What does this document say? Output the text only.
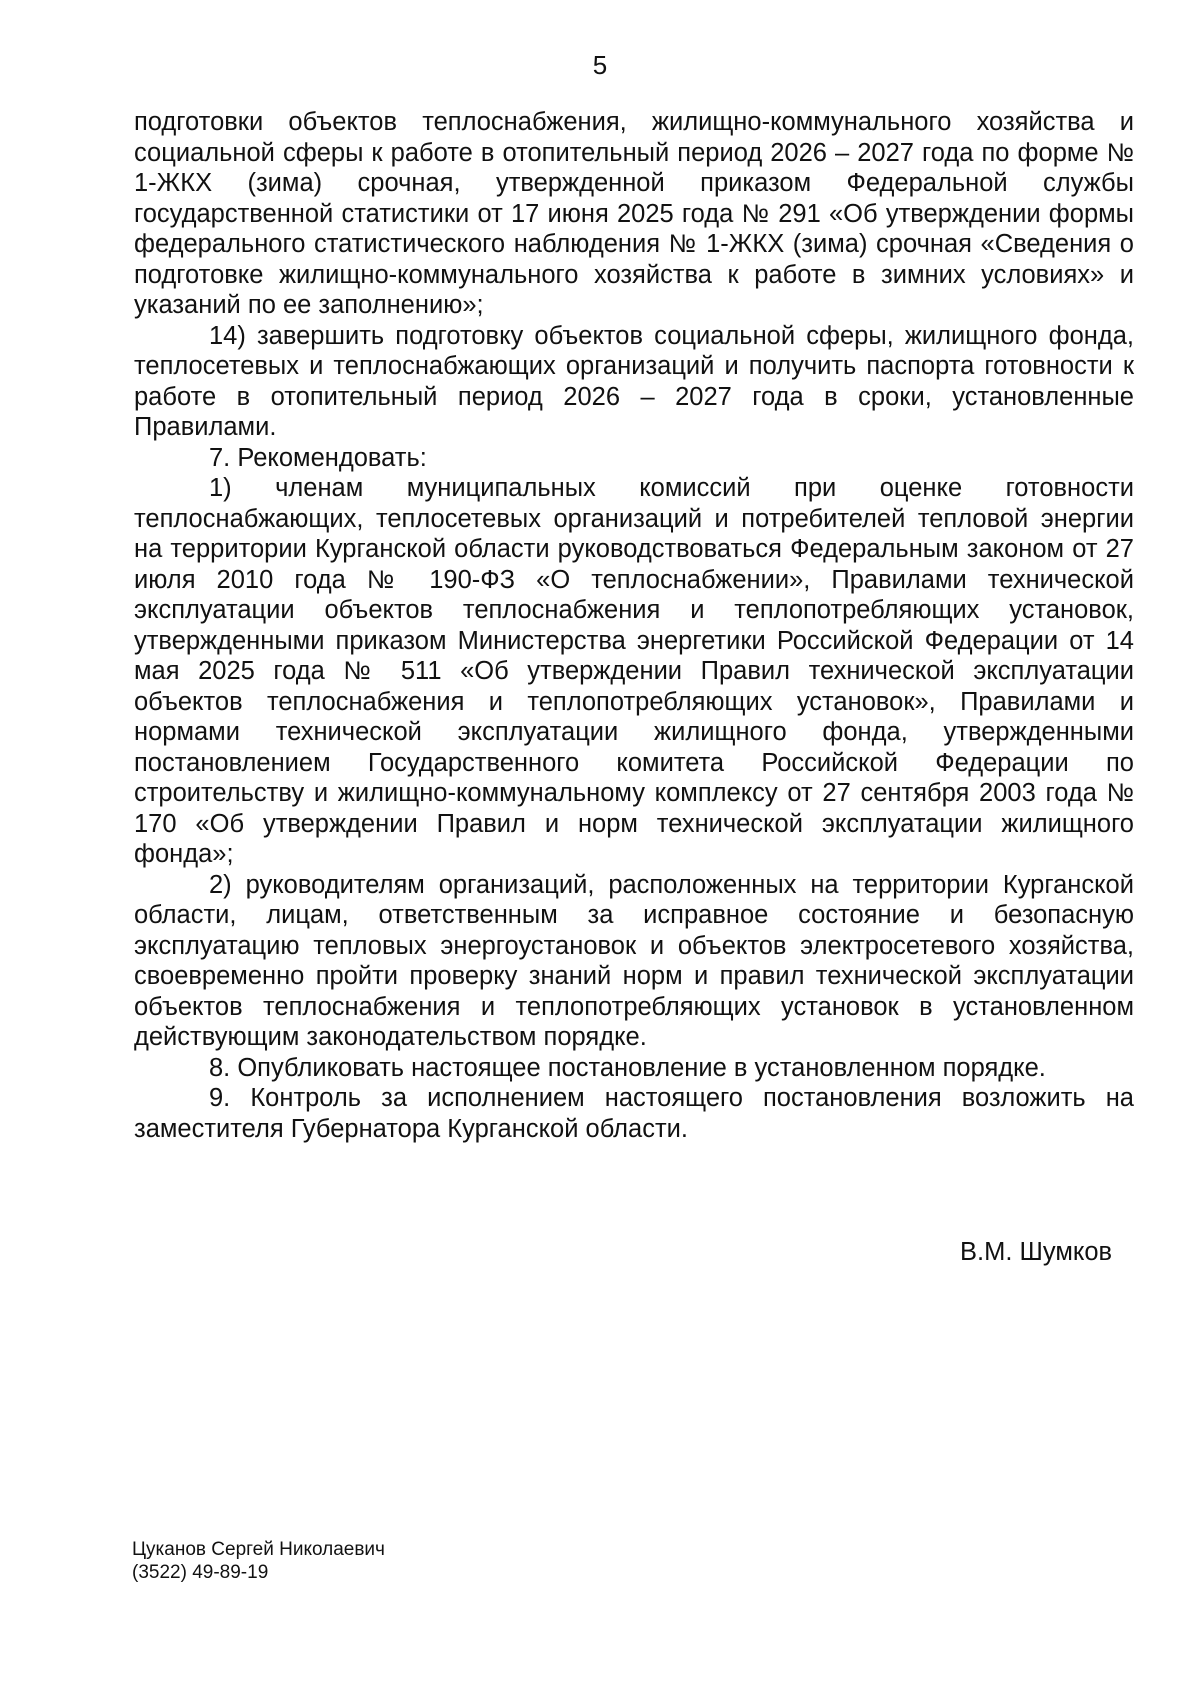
5

подготовки объектов теплоснабжения, жилищно-коммунального хозяйства и социальной сферы к работе в отопительный период 2026 – 2027 года по форме № 1-ЖКХ (зима) срочная, утвержденной приказом Федеральной службы государственной статистики от 17 июня 2025 года № 291 «Об утверждении формы федерального статистического наблюдения № 1-ЖКХ (зима) срочная «Сведения о подготовке жилищно-коммунального хозяйства к работе в зимних условиях» и указаний по ее заполнению»;

14) завершить подготовку объектов социальной сферы, жилищного фонда, теплосетевых и теплоснабжающих организаций и получить паспорта готовности к работе в отопительный период 2026 – 2027 года в сроки, установленные Правилами.

7. Рекомендовать:

1) членам муниципальных комиссий при оценке готовности теплоснабжающих, теплосетевых организаций и потребителей тепловой энергии на территории Курганской области руководствоваться Федеральным законом от 27 июля 2010 года № 190-ФЗ «О теплоснабжении», Правилами технической эксплуатации объектов теплоснабжения и теплопотребляющих установок, утвержденными приказом Министерства энергетики Российской Федерации от 14 мая 2025 года № 511 «Об утверждении Правил технической эксплуатации объектов теплоснабжения и теплопотребляющих установок», Правилами и нормами технической эксплуатации жилищного фонда, утвержденными постановлением Государственного комитета Российской Федерации по строительству и жилищно-коммунальному комплексу от 27 сентября 2003 года № 170 «Об утверждении Правил и норм технической эксплуатации жилищного фонда»;

2) руководителям организаций, расположенных на территории Курганской области, лицам, ответственным за исправное состояние и безопасную эксплуатацию тепловых энергоустановок и объектов электросетевого хозяйства, своевременно пройти проверку знаний норм и правил технической эксплуатации объектов теплоснабжения и теплопотребляющих установок в установленном действующим законодательством порядке.

8. Опубликовать настоящее постановление в установленном порядке.

9. Контроль за исполнением настоящего постановления возложить на заместителя Губернатора Курганской области.

В.М. Шумков
Цуканов Сергей Николаевич
(3522) 49-89-19
